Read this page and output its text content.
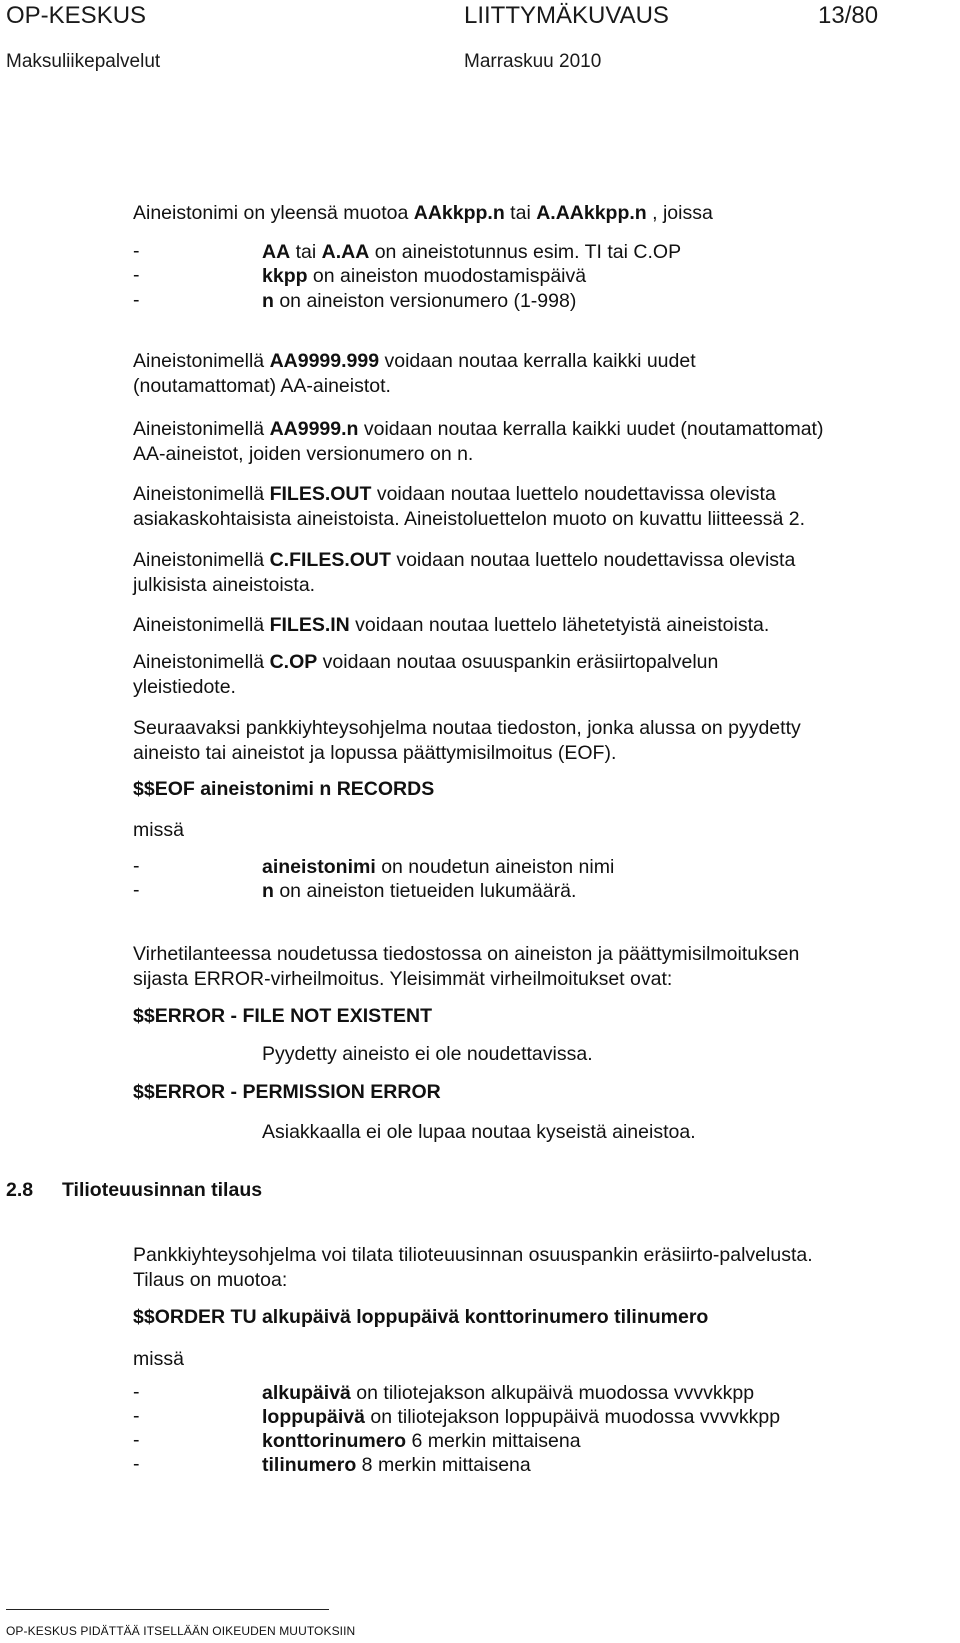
OP-KESKUS	LIITTYMÄKUVAUS	13/80
Maksuliikepalvelut	Marraskuu 2010
Aineistonimi on yleensä muotoa AAkkpp.n tai A.AAkkpp.n , joissa
-	AA tai A.AA on aineistotunnus esim. TI tai C.OP
-	kkpp on aineiston muodostamispäivä
-	n on aineiston versionumero (1-998)
Aineistonimellä AA9999.999 voidaan noutaa kerralla kaikki uudet
(noutamattomat) AA-aineistot.
Aineistonimellä AA9999.n voidaan noutaa kerralla kaikki uudet (noutamattomat)
AA-aineistot, joiden versionumero on n.
Aineistonimellä FILES.OUT voidaan noutaa luettelo noudettavissa olevista
asiakaskohtaisista aineistoista. Aineistoluettelon muoto on kuvattu liitteessä 2.
Aineistonimellä C.FILES.OUT voidaan noutaa luettelo noudettavissa olevista
julkisista aineistoista.
Aineistonimellä FILES.IN voidaan noutaa luettelo lähetetyistä aineistoista.
Aineistonimellä C.OP voidaan noutaa osuuspankin eräsiirtopalvelun
yleistiedote.
Seuraavaksi pankkiyhteysohjelma noutaa tiedoston, jonka alussa on pyydetty
aineisto tai aineistot ja lopussa päättymisilmoitus (EOF).
$$EOF aineistonimi n RECORDS
missä
-	aineistonimi on noudetun aineiston nimi
-	n on aineiston tietueiden lukumäärä.
Virhetilanteessa noudetussa tiedostossa on aineiston ja päättymisilmoituksen
sijasta ERROR-virheilmoitus. Yleisimmät virheilmoitukset ovat:
$$ERROR - FILE NOT EXISTENT
Pyydetty aineisto ei ole noudettavissa.
$$ERROR - PERMISSION ERROR
Asiakkaalla ei ole lupaa noutaa kyseistä aineistoa.
2.8 Tilioteuusinnan tilaus
Pankkiyhteysohjelma voi tilata tilioteuusinnan osuuspankin eräsiirto-palvelusta.
Tilaus on muotoa:
$$ORDER TU alkupäivä loppupäivä konttorinumero tilinumero
missä
-	alkupäivä on tiliotejakson alkupäivä muodossa vvvvkkpp
-	loppupäivä on tiliotejakson loppupäivä muodossa vvvvkkpp
-	konttorinumero 6 merkin mittaisena
-	tilinumero 8 merkin mittaisena
OP-KESKUS PIDÄTTÄÄ ITSELLÄÄN OIKEUDEN MUUTOKSIIN
